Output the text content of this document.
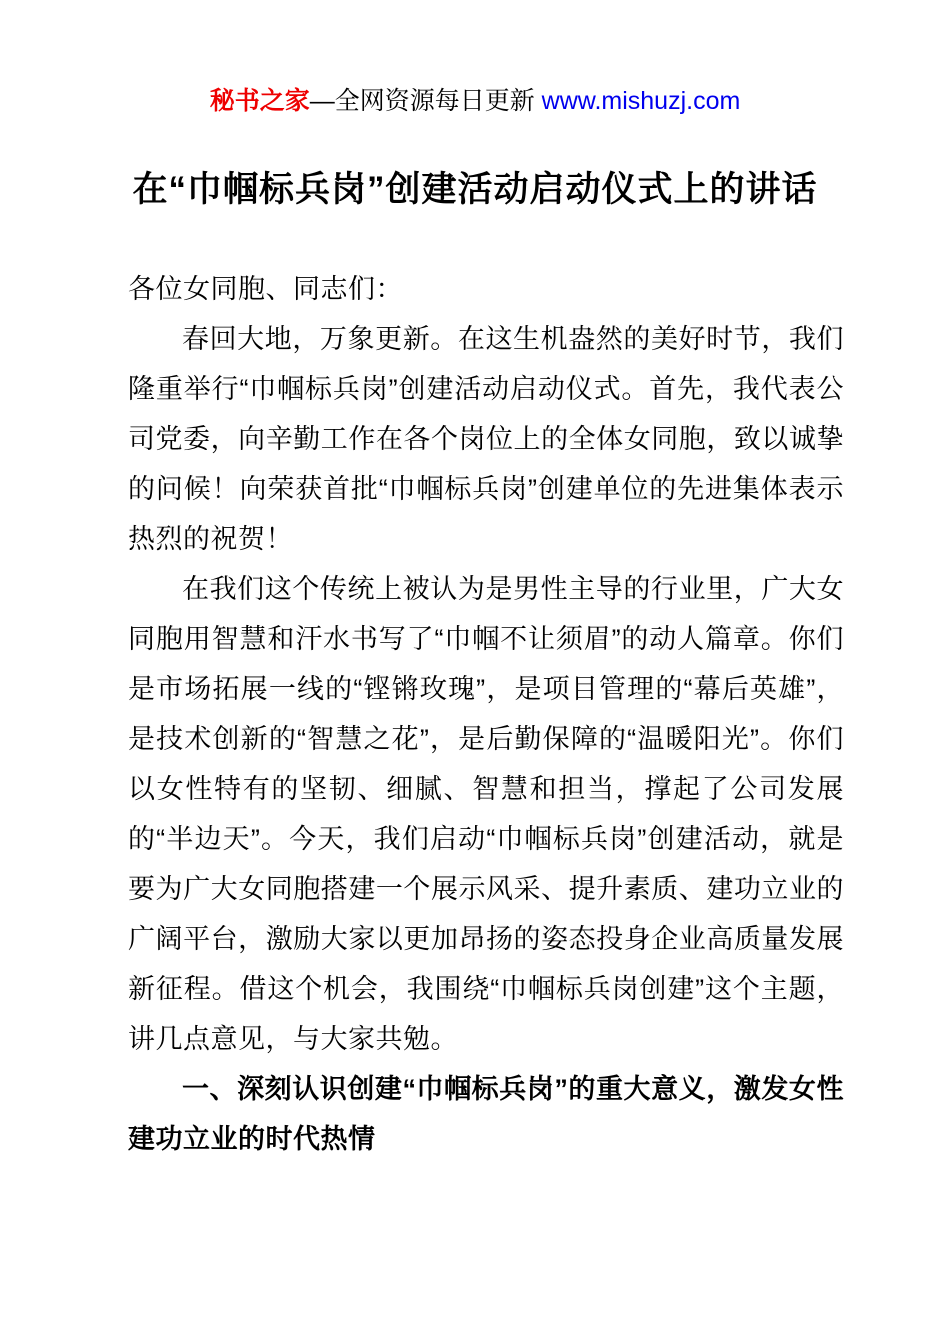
秘书之家—全网资源每日更新 www.mishuzj.com
在“巾帼标兵岗”创建活动启动仪式上的讲话

各位女同胞、同志们：

春回大地，万象更新。在这生机盎然的美好时节，我们隆重举行“巾帼标兵岗”创建活动启动仪式。首先，我代表公司党委，向辛勤工作在各个岗位上的全体女同胞，致以诚挚的问候！向荣获首批“巾帼标兵岗”创建单位的先进集体表示热烈的祝贺！

在我们这个传统上被认为是男性主导的行业里，广大女同胞用智慧和汗水书写了“巾帼不让须眉”的动人篇章。你们是市场拓展一线的“铿锵玫瑰”，是项目管理的“幕后英雄”，是技术创新的“智慧之花”，是后勤保障的“温暖阳光”。你们以女性特有的坚韧、细腻、智慧和担当，撑起了公司发展的“半边天”。今天，我们启动“巾帼标兵岗”创建活动，就是要为广大女同胞搭建一个展示风采、提升素质、建功立业的广阔平台，激励大家以更加昂扬的姿态投身企业高质量发展新征程。借这个机会，我围绕“巾帼标兵岗创建”这个主题，讲几点意见，与大家共勉。

一、深刻认识创建“巾帼标兵岗”的重大意义，激发女性建功立业的时代热情
